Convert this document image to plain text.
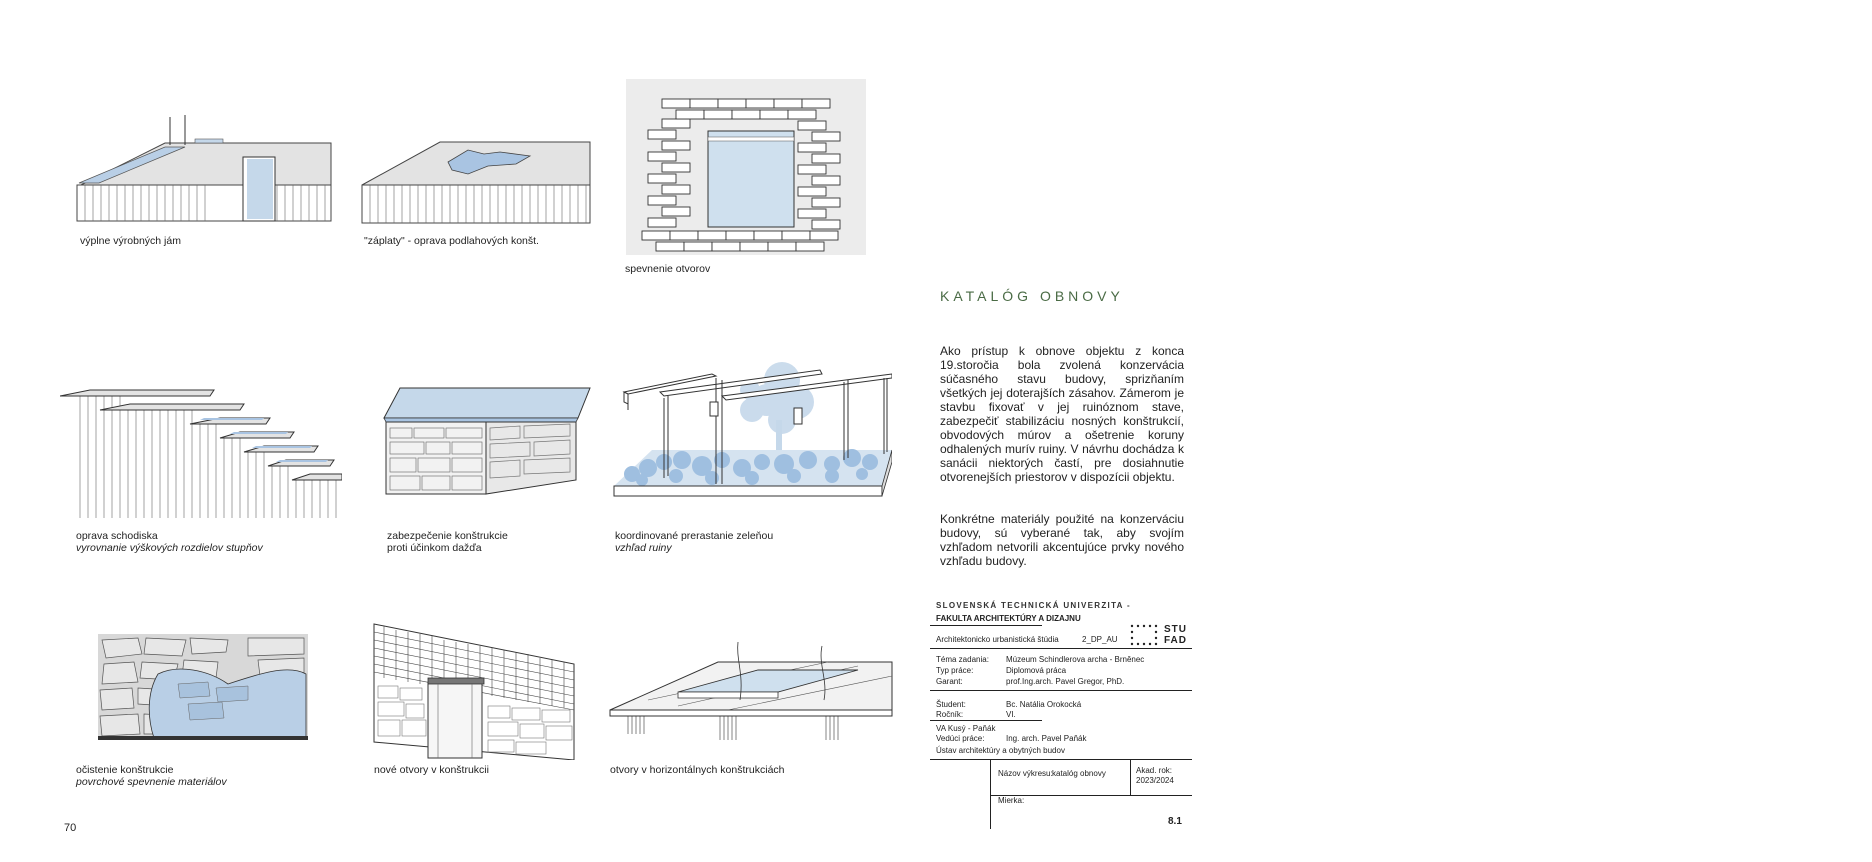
výplne výrobných jám	"záplaty" - oprava podlahových konšt.
spevnenie otvorov
oprava schodiska
vyrovnanie výškových rozdielov stupňov
zabezpečenie konštrukcie
proti účinkom dažďa
koordinované prerastanie zeleňou
vzhľad ruiny
očistenie konštrukcie
povrchové spevnenie materiálov
nové otvory v konštrukcii	otvory v horizontálnych konštrukciách
KATALÓG OBNOVY
Ako prístup k obnove objektu z konca 19.storočia bola zvolená konzervácia súčasného stavu budovy, sprizňaním všetkých jej doterajších zásahov. Zámerom je stavbu fixovať v jej ruinóznom stave, zabezpečiť stabilizáciu nosných konštrukcií, obvodových múrov a ošetrenie koruny odhalených murív ruiny. V návrhu dochádza k sanácii niektorých častí, pre dosiahnutie otvorenejších priestorov v dispozícii objektu.
Konkrétne materiály použité na konzerváciu budovy, sú vyberané tak, aby svojím vzhľadom netvorili akcentujúce prvky nového vzhľadu budovy.
SLOVENSKÁ TECHNICKÁ UNIVERZITA -
FAKULTA ARCHITEKTÚRY A DIZAJNU
STU
FAD
Architektonicko urbanistická štúdia	2_DP_AU
Téma zadania: Múzeum Schindlerova archa - Brněnec
Typ práce:	Diplomová práca
Garant:	prof.Ing.arch. Pavel Gregor, PhD.
Študent:	Bc. Natália Orokocká
Ročník:	VI.
VA Kusý - Paňák
Vedúci práce:	Ing. arch. Pavel Paňák
Ústav architektúry a obytných budov
Názov výkresu: katalóg obnovy	Akad. rok:
2023/2024
Mierka:
8.1
70
